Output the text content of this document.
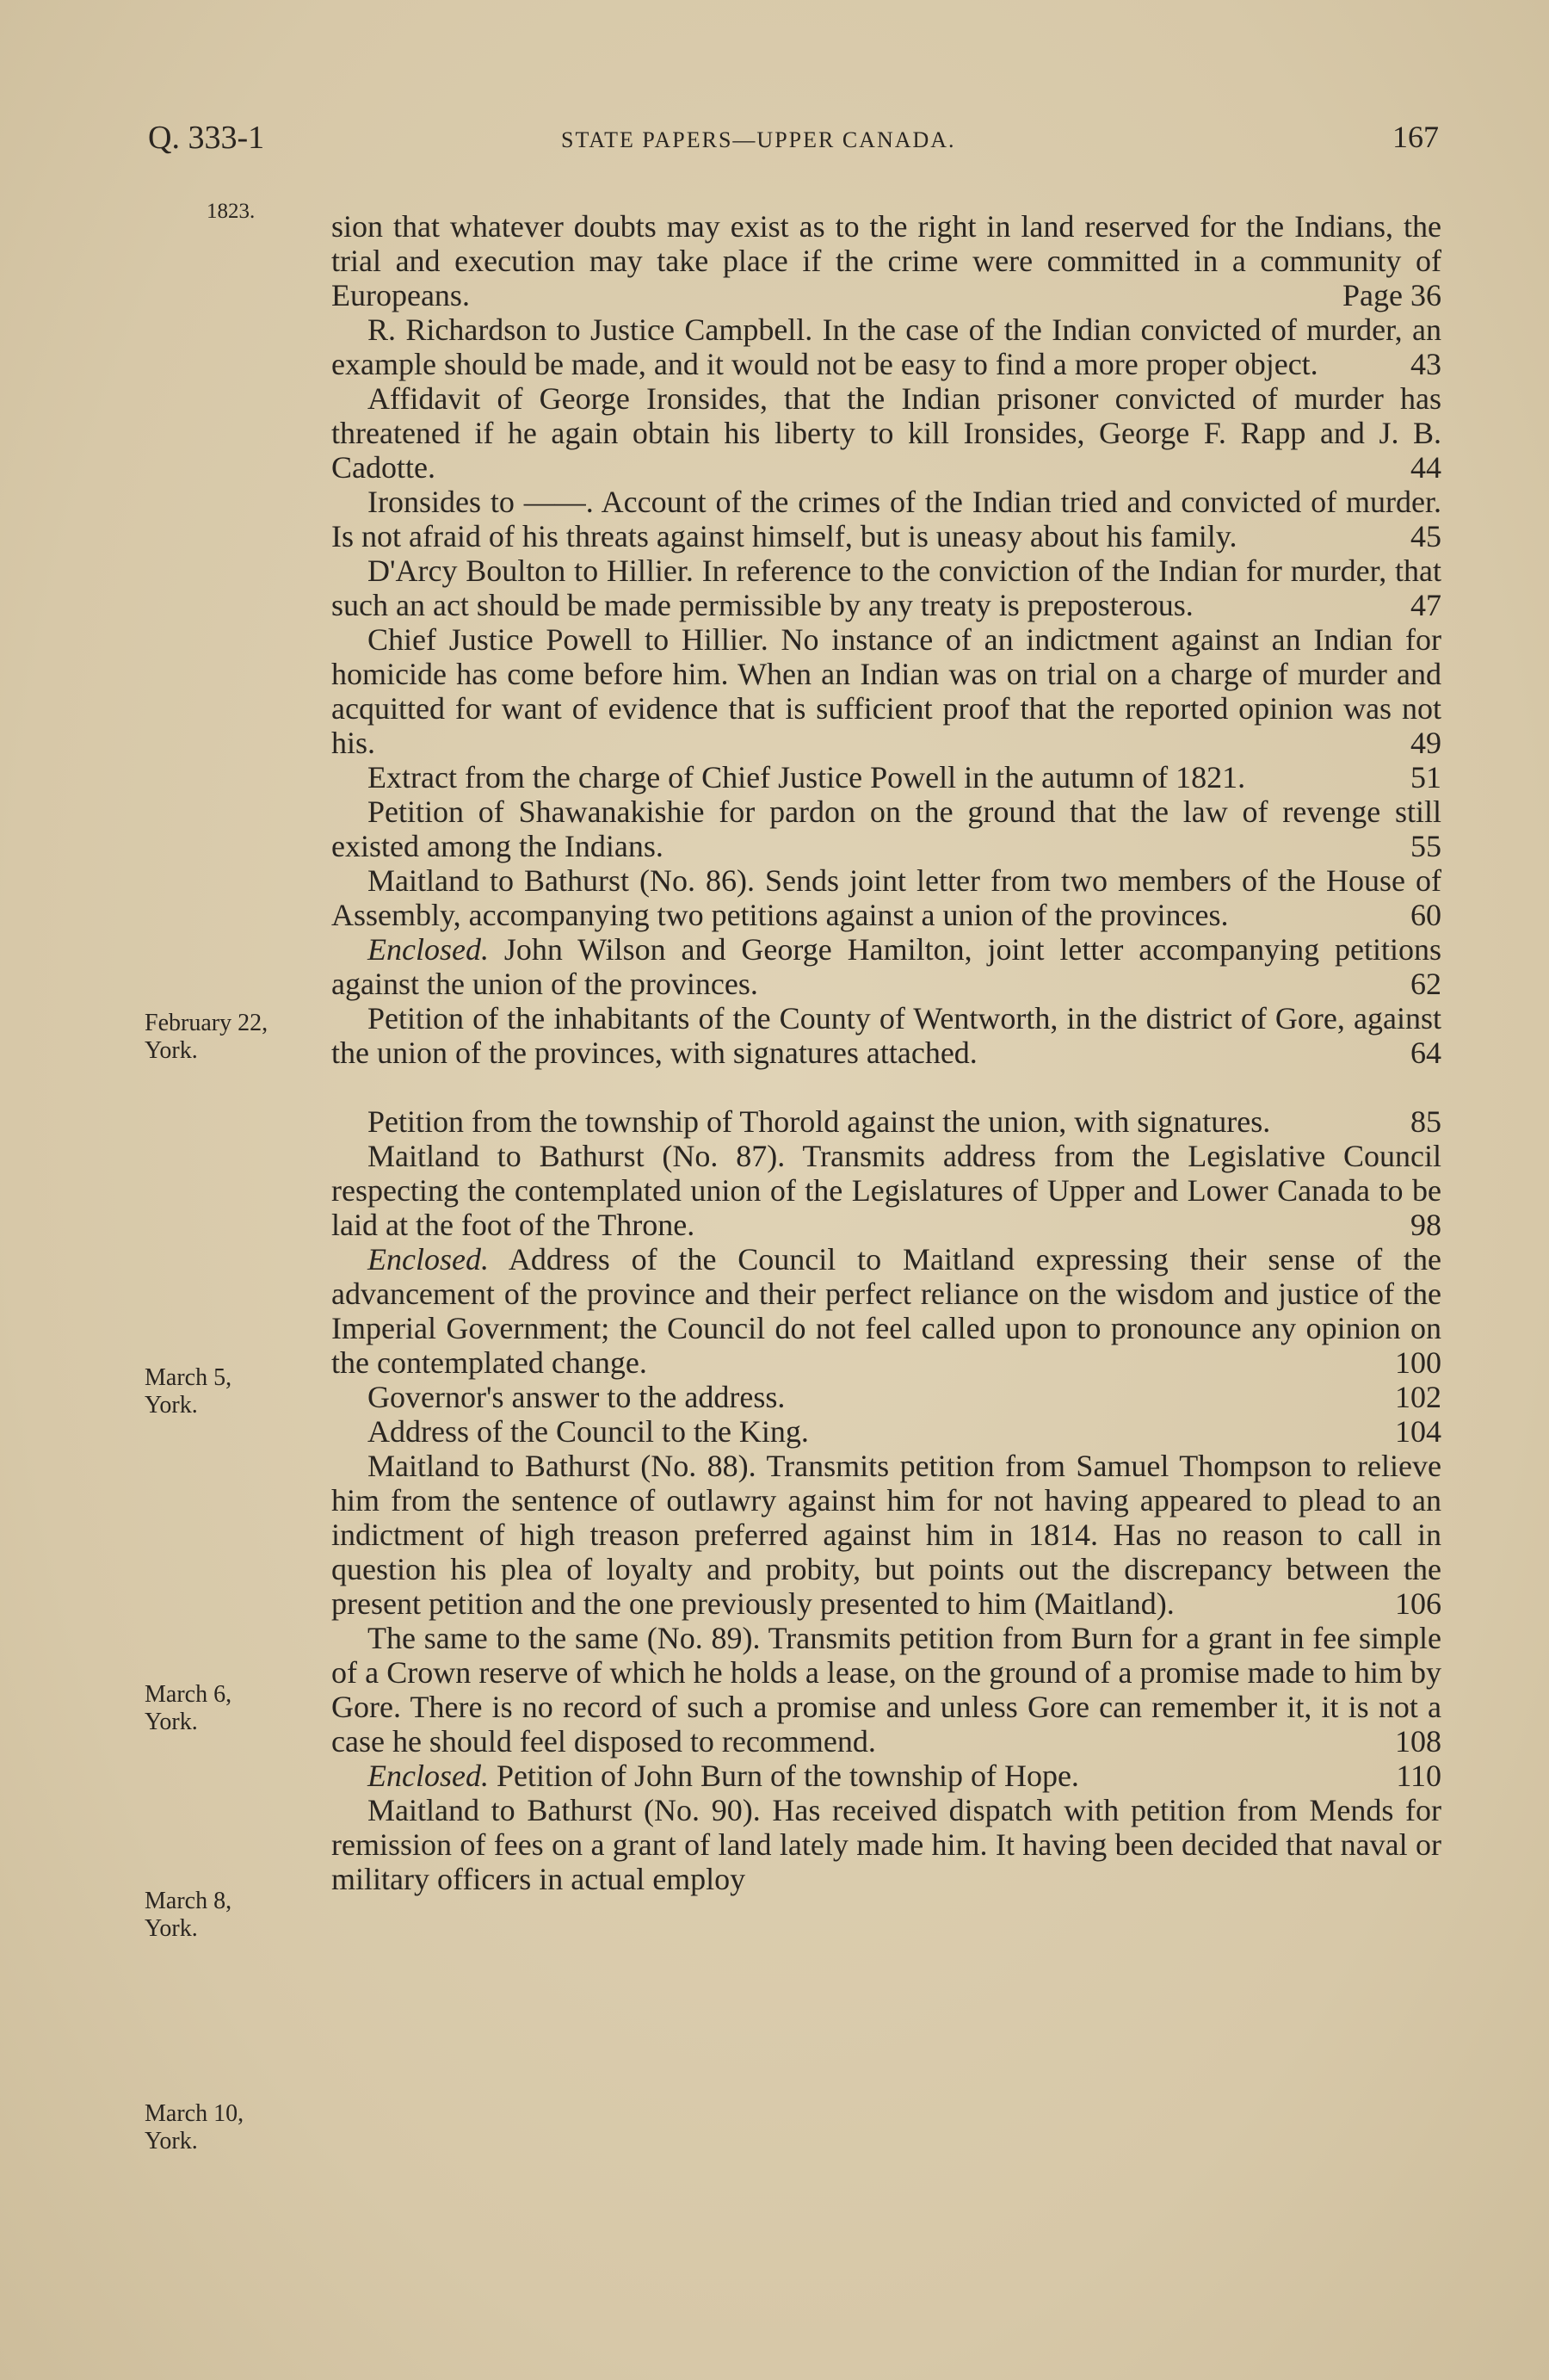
Q. 333-1	STATE PAPERS—UPPER CANADA.	167
1823.
February 22,
York.
March 5,
York.
March 6,
York.
March 8,
York.
March 10,
York.

sion that whatever doubts may exist as to the right in land reserved for the Indians, the trial and execution may take place if the crime were committed in a community of Europeans.	Page 36

R. Richardson to Justice Campbell. In the case of the Indian convicted of murder, an example should be made, and it would not be easy to find a more proper object.	43

Affidavit of George Ironsides, that the Indian prisoner convicted of murder has threatened if he again obtain his liberty to kill Ironsides, George F. Rapp and J. B. Cadotte.	44

Ironsides to ——. Account of the crimes of the Indian tried and convicted of murder. Is not afraid of his threats against himself, but is uneasy about his family.	45

D'Arcy Boulton to Hillier. In reference to the conviction of the Indian for murder, that such an act should be made permissible by any treaty is preposterous.	47

Chief Justice Powell to Hillier. No instance of an indictment against an Indian for homicide has come before him. When an Indian was on trial on a charge of murder and acquitted for want of evidence that is sufficient proof that the reported opinion was not his.	49

Extract from the charge of Chief Justice Powell in the autumn of 1821.	51

Petition of Shawanakishie for pardon on the ground that the law of revenge still existed among the Indians.	55

Maitland to Bathurst (No. 86). Sends joint letter from two members of the House of Assembly, accompanying two petitions against a union of the provinces.	60

Enclosed. John Wilson and George Hamilton, joint letter accompanying petitions against the union of the provinces.	62

Petition of the inhabitants of the County of Wentworth, in the district of Gore, against the union of the provinces, with signatures attached.	64

Petition from the township of Thorold against the union, with signatures.	85

Maitland to Bathurst (No. 87). Transmits address from the Legislative Council respecting the contemplated union of the Legislatures of Upper and Lower Canada to be laid at the foot of the Throne.	98

Enclosed. Address of the Council to Maitland expressing their sense of the advancement of the province and their perfect reliance on the wisdom and justice of the Imperial Government; the Council do not feel called upon to pronounce any opinion on the contemplated change.	100

Governor's answer to the address.	102

Address of the Council to the King.	104

Maitland to Bathurst (No. 88). Transmits petition from Samuel Thompson to relieve him from the sentence of outlawry against him for not having appeared to plead to an indictment of high treason preferred against him in 1814. Has no reason to call in question his plea of loyalty and probity, but points out the discrepancy between the present petition and the one previously presented to him (Maitland).	106

The same to the same (No. 89). Transmits petition from Burn for a grant in fee simple of a Crown reserve of which he holds a lease, on the ground of a promise made to him by Gore. There is no record of such a promise and unless Gore can remember it, it is not a case he should feel disposed to recommend.	108

Enclosed. Petition of John Burn of the township of Hope.	110

Maitland to Bathurst (No. 90). Has received dispatch with petition from Mends for remission of fees on a grant of land lately made him. It having been decided that naval or military officers in actual employ
